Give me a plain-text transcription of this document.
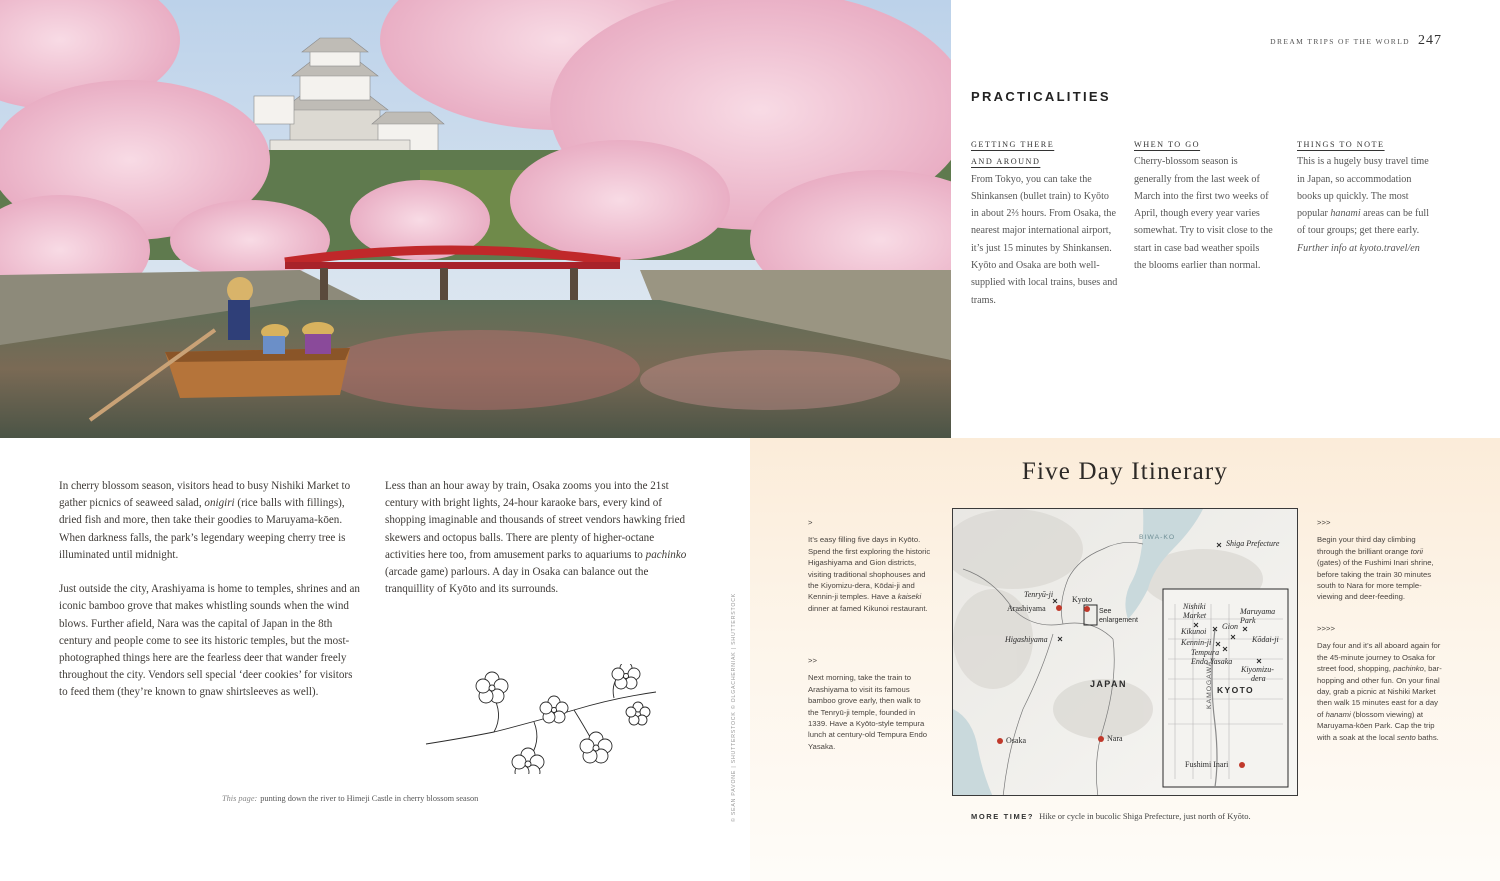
DREAM TRIPS OF THE WORLD 247
PRACTICALITIES
GETTING THERE
AND AROUND
From Tokyo, you can take the Shinkansen (bullet train) to Kyōto in about 2⅔ hours. From Osaka, the nearest major international airport, it’s just 15 minutes by Shinkansen. Kyōto and Osaka are both well-supplied with local trains, buses and trams.
WHEN TO GO
Cherry-blossom season is generally from the last week of March into the first two weeks of April, though every year varies somewhat. Try to visit close to the start in case bad weather spoils the blooms earlier than normal.
THINGS TO NOTE
This is a hugely busy travel time in Japan, so accommodation books up quickly. The most popular hanami areas can be full of tour groups; get there early.
Further info at kyoto.travel/en

In cherry blossom season, visitors head to busy Nishiki Market to gather picnics of seaweed salad, onigiri (rice balls with fillings), dried fish and more, then take their goodies to Maruyama-kōen. When darkness falls, the park’s legendary weeping cherry tree is illuminated until midnight.

Just outside the city, Arashiyama is home to temples, shrines and an iconic bamboo grove that makes whistling sounds when the wind blows. Further afield, Nara was the capital of Japan in the 8th century and people come to see its historic temples, but the most-photographed things here are the fearless deer that wander freely throughout the city. Vendors sell special ‘deer cookies’ for visitors to feed them (they’re known to gnaw shirtsleeves as well).

Less than an hour away by train, Osaka zooms you into the 21st century with bright lights, 24-hour karaoke bars, every kind of shopping imaginable and thousands of street vendors hawking fried skewers and octopus balls. There are plenty of higher-octane activities here too, from amusement parks to aquariums to pachinko (arcade game) parlours. A day in Osaka can balance out the tranquillity of Kyōto and its surrounds.

This page: punting down the river to Himeji Castle in cherry blossom season	© SEAN PAVONE | SHUTTERSTOCK © OLGACHERNIAK | SHUTTERSTOCK
Five Day Itinerary
>
It’s easy filling five days in Kyōto. Spend the first exploring the historic Higashiyama and Gion districts, visiting traditional shophouses and the Kiyomizu-dera, Kōdai-ji and Kennin-ji temples. Have a kaiseki dinner at famed Kikunoi restaurant.
>>
Next morning, take the train to Arashiyama to visit its famous bamboo grove early, then walk to the Tenryū-ji temple, founded in 1339. Have a Kyōto-style tempura lunch at century-old Tempura Endo Yasaka.
>>>
Begin your third day climbing through the brilliant orange torii (gates) of the Fushimi Inari shrine, before taking the train 30 minutes south to Nara for more temple-viewing and deer-feeding.
>>>>
Day four and it’s all aboard again for the 45-minute journey to Osaka for street food, shopping, pachinko, bar-hopping and other fun. On your final day, grab a picnic at Nishiki Market then walk 15 minutes east for a day of hanami (blossom viewing) at Maruyama-kōen Park. Cap the trip with a soak at the local sento baths.
BIWA-KO
Shiga Prefecture
Tenryū-ji
Arashiyama
Kyoto
See
enlargement
Higashiyama
JAPAN
Osaka	Nara
Nishiki
Market	Maruyama
Park
Gion
Kikunoi
Kōdai-ji
Kennin-ji
Tempura
Endo Yasaka
Kiyomizu-
dera
KAMOGAWA KYOTO
Fushimi Inari
MORE TIME? Hike or cycle in bucolic Shiga Prefecture, just north of Kyōto.
